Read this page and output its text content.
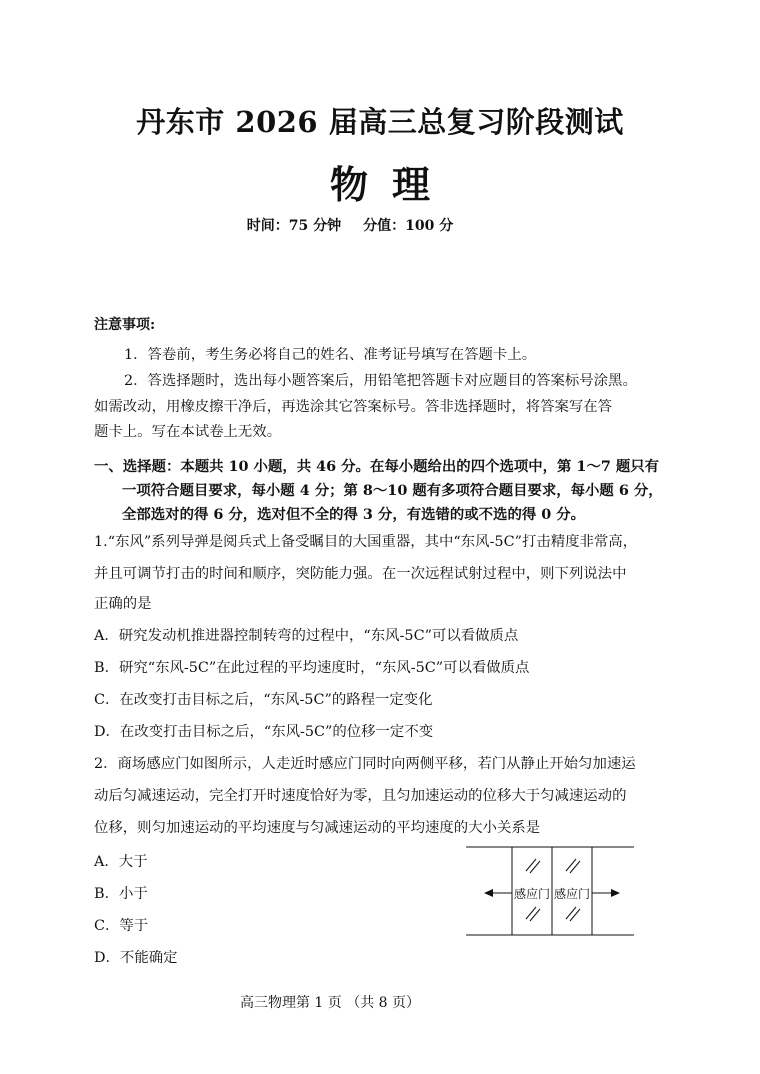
丹东市 2026 届高三总复习阶段测试
物理
时间：75 分钟 分值：100 分
注意事项:
1．答卷前，考生务必将自己的姓名、准考证号填写在答题卡上。
2．答选择题时，选出每小题答案后，用铅笔把答题卡对应题目的答案标号涂黑。
如需改动，用橡皮擦干净后，再选涂其它答案标号。答非选择题时，将答案写在答
题卡上。写在本试卷上无效。
一、选择题：本题共 10 小题，共 46 分。在每小题给出的四个选项中，第 1～7 题只有
一项符合题目要求，每小题 4 分；第 8～10 题有多项符合题目要求，每小题 6 分，
全部选对的得 6 分，选对但不全的得 3 分，有选错的或不选的得 0 分。
1.“东风”系列导弹是阅兵式上备受瞩目的大国重器，其中“东风-5C”打击精度非常高，
并且可调节打击的时间和顺序，突防能力强。在一次远程试射过程中，则下列说法中
正确的是
A．研究发动机推进器控制转弯的过程中，“东风-5C”可以看做质点
B．研究“东风-5C”在此过程的平均速度时，“东风-5C”可以看做质点
C．在改变打击目标之后，“东风-5C”的路程一定变化
D．在改变打击目标之后，“东风-5C”的位移一定不变
2．商场感应门如图所示，人走近时感应门同时向两侧平移，若门从静止开始匀加速运
动后匀减速运动，完全打开时速度恰好为零，且匀加速运动的位移大于匀减速运动的
位移，则匀加速运动的平均速度与匀减速运动的平均速度的大小关系是
A．大于
B．小于
C．等于
D．不能确定
感应门 感应门
高三物理第 1 页 （共 8 页）
